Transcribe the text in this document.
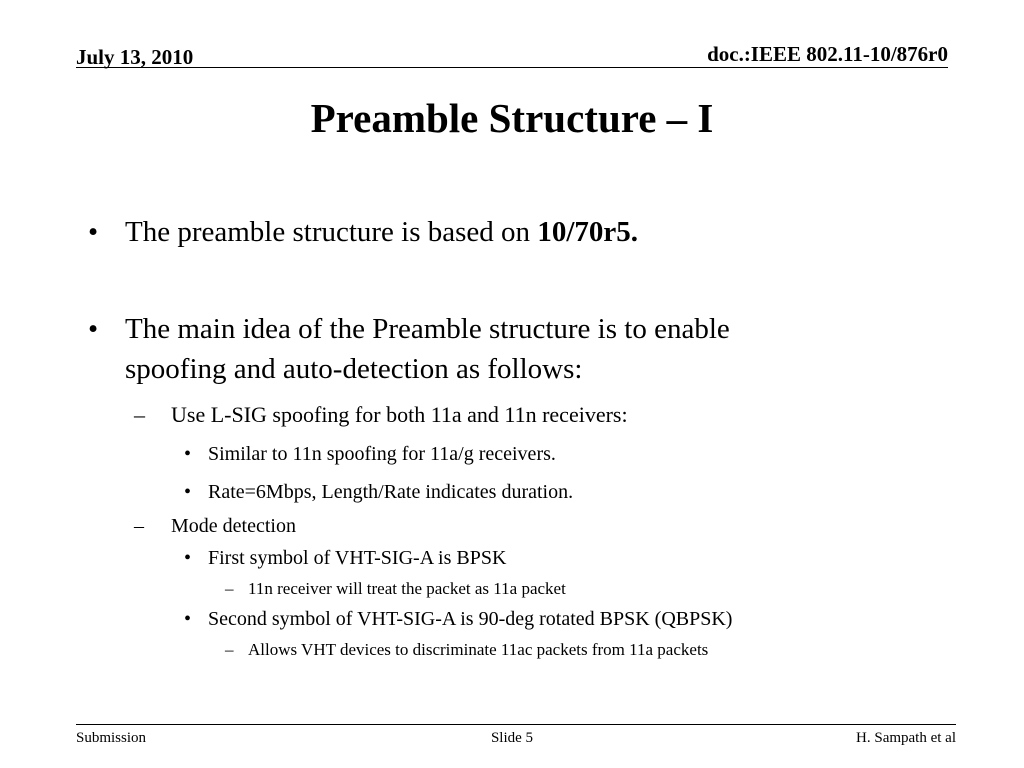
July 13, 2010	doc.:IEEE 802.11-10/876r0
Preamble Structure – I
• The preamble structure is based on 10/70r5.
• The main idea of the Preamble structure is to enable
spoofing and auto-detection as follows:
– Use L-SIG spoofing for both 11a and 11n receivers:
• Similar to 11n spoofing for 11a/g receivers.
• Rate=6Mbps, Length/Rate indicates duration.
– Mode detection
• First symbol of VHT-SIG-A is BPSK
– 11n receiver will treat the packet as 11a packet
• Second symbol of VHT-SIG-A is 90-deg rotated BPSK (QBPSK)
– Allows VHT devices to discriminate 11ac packets from 11a packets
Submission	Slide 5	H. Sampath et al
